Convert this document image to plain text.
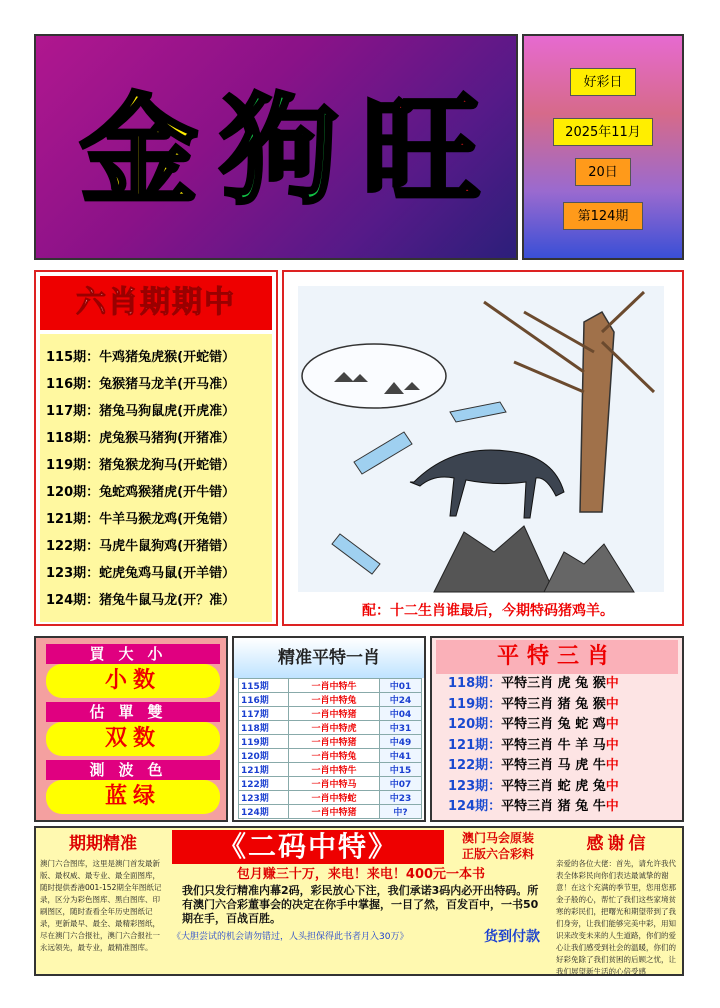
金 狗 旺	好彩日
2025年11月
20日
第124期
六肖期期中
115期：牛鸡猪兔虎猴(开蛇错）
116期：兔猴猪马龙羊(开马准）
117期：猪兔马狗鼠虎(开虎准）
118期：虎兔猴马猪狗(开猪准）
119期：猪兔猴龙狗马(开蛇错）
120期：兔蛇鸡猴猪虎(开牛错）
121期：牛羊马猴龙鸡(开兔错）
122期：马虎牛鼠狗鸡(开猪错）
123期：蛇虎兔鸡马鼠(开羊错）
124期：猪兔牛鼠马龙(开？准）
配：十二生肖谁最后，今期特码猪鸡羊。
買大小
小数
估單雙
双数
測波色
蓝绿
精准平特一肖
115期	一肖中特牛	中01
116期	一肖中特兔	中24
117期	一肖中特猪	中04
118期	一肖中特虎	中31
119期	一肖中特猪	中49
120期	一肖中特兔	中41
121期	一肖中特牛	中15
122期	一肖中特马	中07
123期	一肖中特蛇	中23
124期	一肖中特猪	中?
平特三肖
118期：平特三肖 虎 兔 猴中
119期：平特三肖 猪 兔 猴中
120期：平特三肖 兔 蛇 鸡中
121期：平特三肖 牛 羊 马中
122期：平特三肖 马 虎 牛中
123期：平特三肖 蛇 虎 兔中
124期：平特三肖 猪 兔 牛中
期期精准
澳门六合图库，这里是澳门首发最新版、最权威、最专业、最全面图库，随时提供香港001-152期全年图纸记录，区分为彩色图库、黑白图库、印刷图区，随时查看全年历史图纸记录，更新最早、最全、最精彩图纸，尽在澳门六合报社，澳门六合报社一永远领先，最专业，最精准图库。
《二码中特》	澳门马会原装
正版六合彩料
包月赚三十万，来电！来电！400元一本书
我们只发行精准内幕2码，彩民放心下注，我们承诺3码内必开出特码。所有澳门六合彩董事会的决定在你手中掌握，一目了然，百发百中，一书50期在手，百战百胜。
《大胆尝试的机会请勿错过，人头担保得此书者月入30万》	货到付款
感谢信
亲爱的各位大佬：首先，请允许我代表全体彩民向你们表达最诚挚的谢意！在这个充满的季节里，您用您那金子般的心，帮忙了我们这些家境贫寒的彩民们，把曙光和期望带到了我们身旁，让我们能够完美中彩，用知识来改变未来的人生道路，你们的爱心让我们感受到社会的温暖，你们的好彩免除了我们贫困的后顾之忧，让我们展望新生活的心倍受感
